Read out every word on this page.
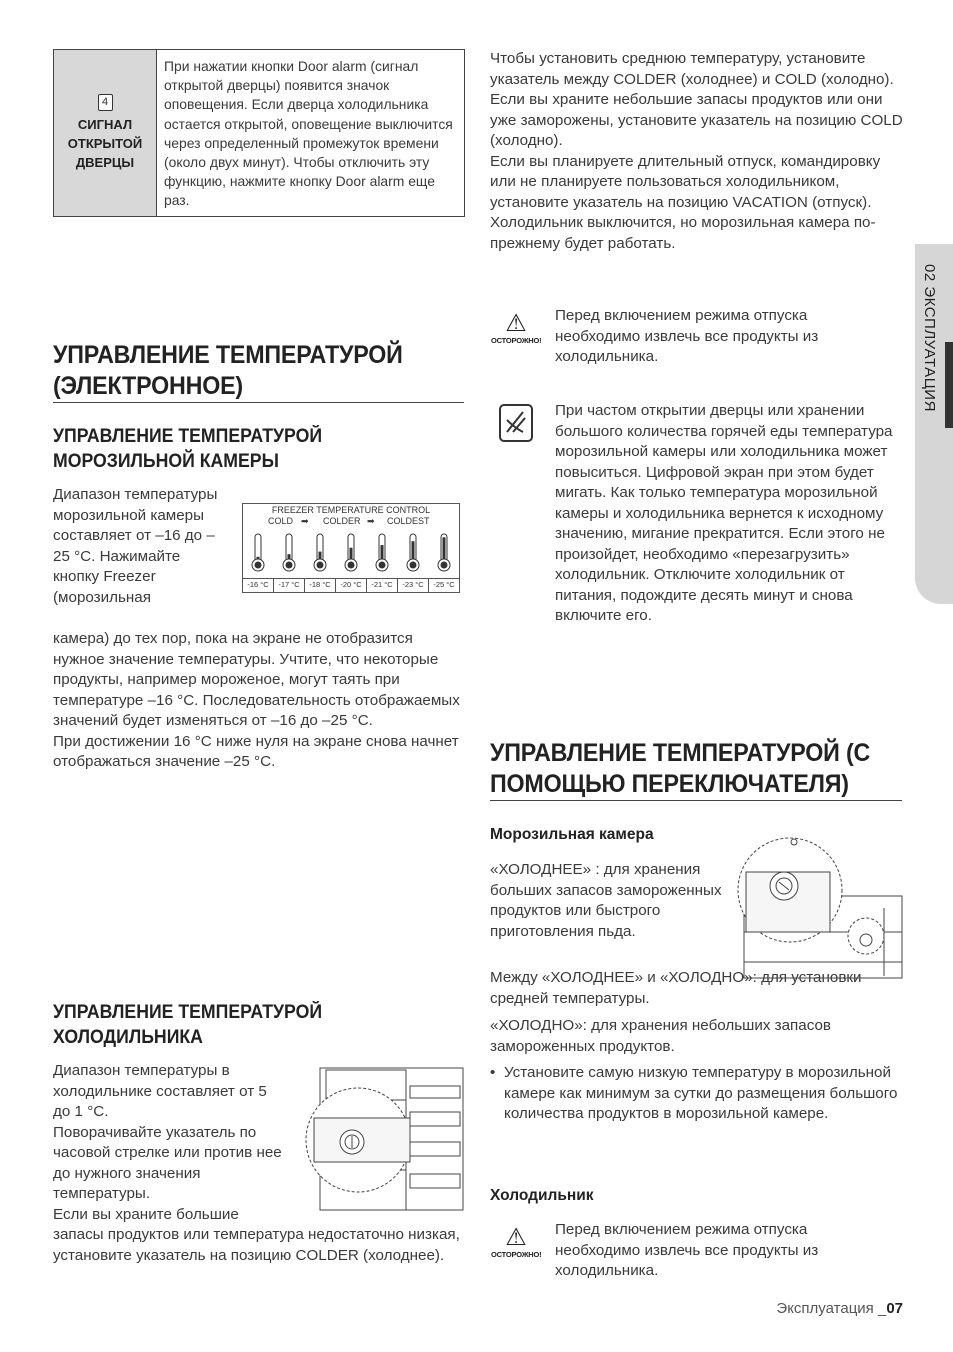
02 ЭКСПЛУАТАЦИЯ
4
СИГНАЛ
ОТКРЫТОЙ
ДВЕРЦЫ
При нажатии кнопки Door alarm (сигнал открытой дверцы) появится значок оповещения. Если дверца холодильника остается открытой, оповещение выключится через определенный промежуток времени (около двух минут). Чтобы отключить эту функцию, нажмите кнопку Door alarm еще раз.
УПРАВЛЕНИЕ ТЕМПЕРАТУРОЙ (ЭЛЕКТРОННОЕ)
УПРАВЛЕНИЕ ТЕМПЕРАТУРОЙ МОРОЗИЛЬНОЙ КАМЕРЫ
Диапазон температуры морозильной камеры составляет от –16 до –25 °C. Нажимайте кнопку Freezer (морозильная
FREEZER TEMPERATURE CONTROL
COLD ➡ COLDER ➡ COLDEST
-16 °C	-17 °C	-18 °C	-20 °C	-21 °C	-23 °C	-25 °C

камера) до тех пор, пока на экране не отобразится нужное значение температуры. Учтите, что некоторые продукты, например мороженое, могут таять при температуре –16 °C. Последовательность отображаемых значений будет изменяться от –16 до –25 °C.

При достижении 16 °C ниже нуля на экране снова начнет отображаться значение –25 °C.

УПРАВЛЕНИЕ ТЕМПЕРАТУРОЙ ХОЛОДИЛЬНИКА

Диапазон температуры в холодильнике составляет от 5 до 1 °C.

Поворачивайте указатель по часовой стрелке или против нее до нужного значения температуры.

Если вы храните большие

запасы продуктов или температура недостаточно низкая, установите указатель на позицию COLDER (холоднее).

Чтобы установить среднюю температуру, установите указатель между COLDER (холоднее) и COLD (холодно). Если вы храните небольшие запасы продуктов или они уже заморожены, установите указатель на позицию COLD (холодно).

Если вы планируете длительный отпуск, командировку или не планируете пользоваться холодильником, установите указатель на позицию VACATION (отпуск).

Холодильник выключится, но морозильная камера по-прежнему будет работать.

⚠
ОСТОРОЖНО!
Перед включением режима отпуска необходимо извлечь все продукты из холодильника.
При частом открытии дверцы или хранении большого количества горячей еды температура морозильной камеры или холодильника может повыситься. Цифровой экран при этом будет мигать. Как только температура морозильной камеры и холодильника вернется к исходному значению, мигание прекратится. Если этого не произойдет, необходимо «перезагрузить» холодильник. Отключите холодильник от питания, подождите десять минут и снова включите его.
УПРАВЛЕНИЕ ТЕМПЕРАТУРОЙ (С ПОМОЩЬЮ ПЕРЕКЛЮЧАТЕЛЯ)
Морозильная камера
«ХОЛОДНЕЕ» : для хранения больших запасов замороженных продуктов или быстрого приготовления пьда.
Между «ХОЛОДНЕЕ» и «ХОЛОДНО»: для установки средней температуры.
«ХОЛОДНО»: для хранения небольших запасов замороженных продуктов.
• Установите самую низкую температуру в морозильной камере как минимум за сутки до размещения большого количества продуктов в морозильной камере.
Холодильник
⚠
ОСТОРОЖНО!
Перед включением режима отпуска необходимо извлечь все продукты из холодильника.
Эксплуатация _07
